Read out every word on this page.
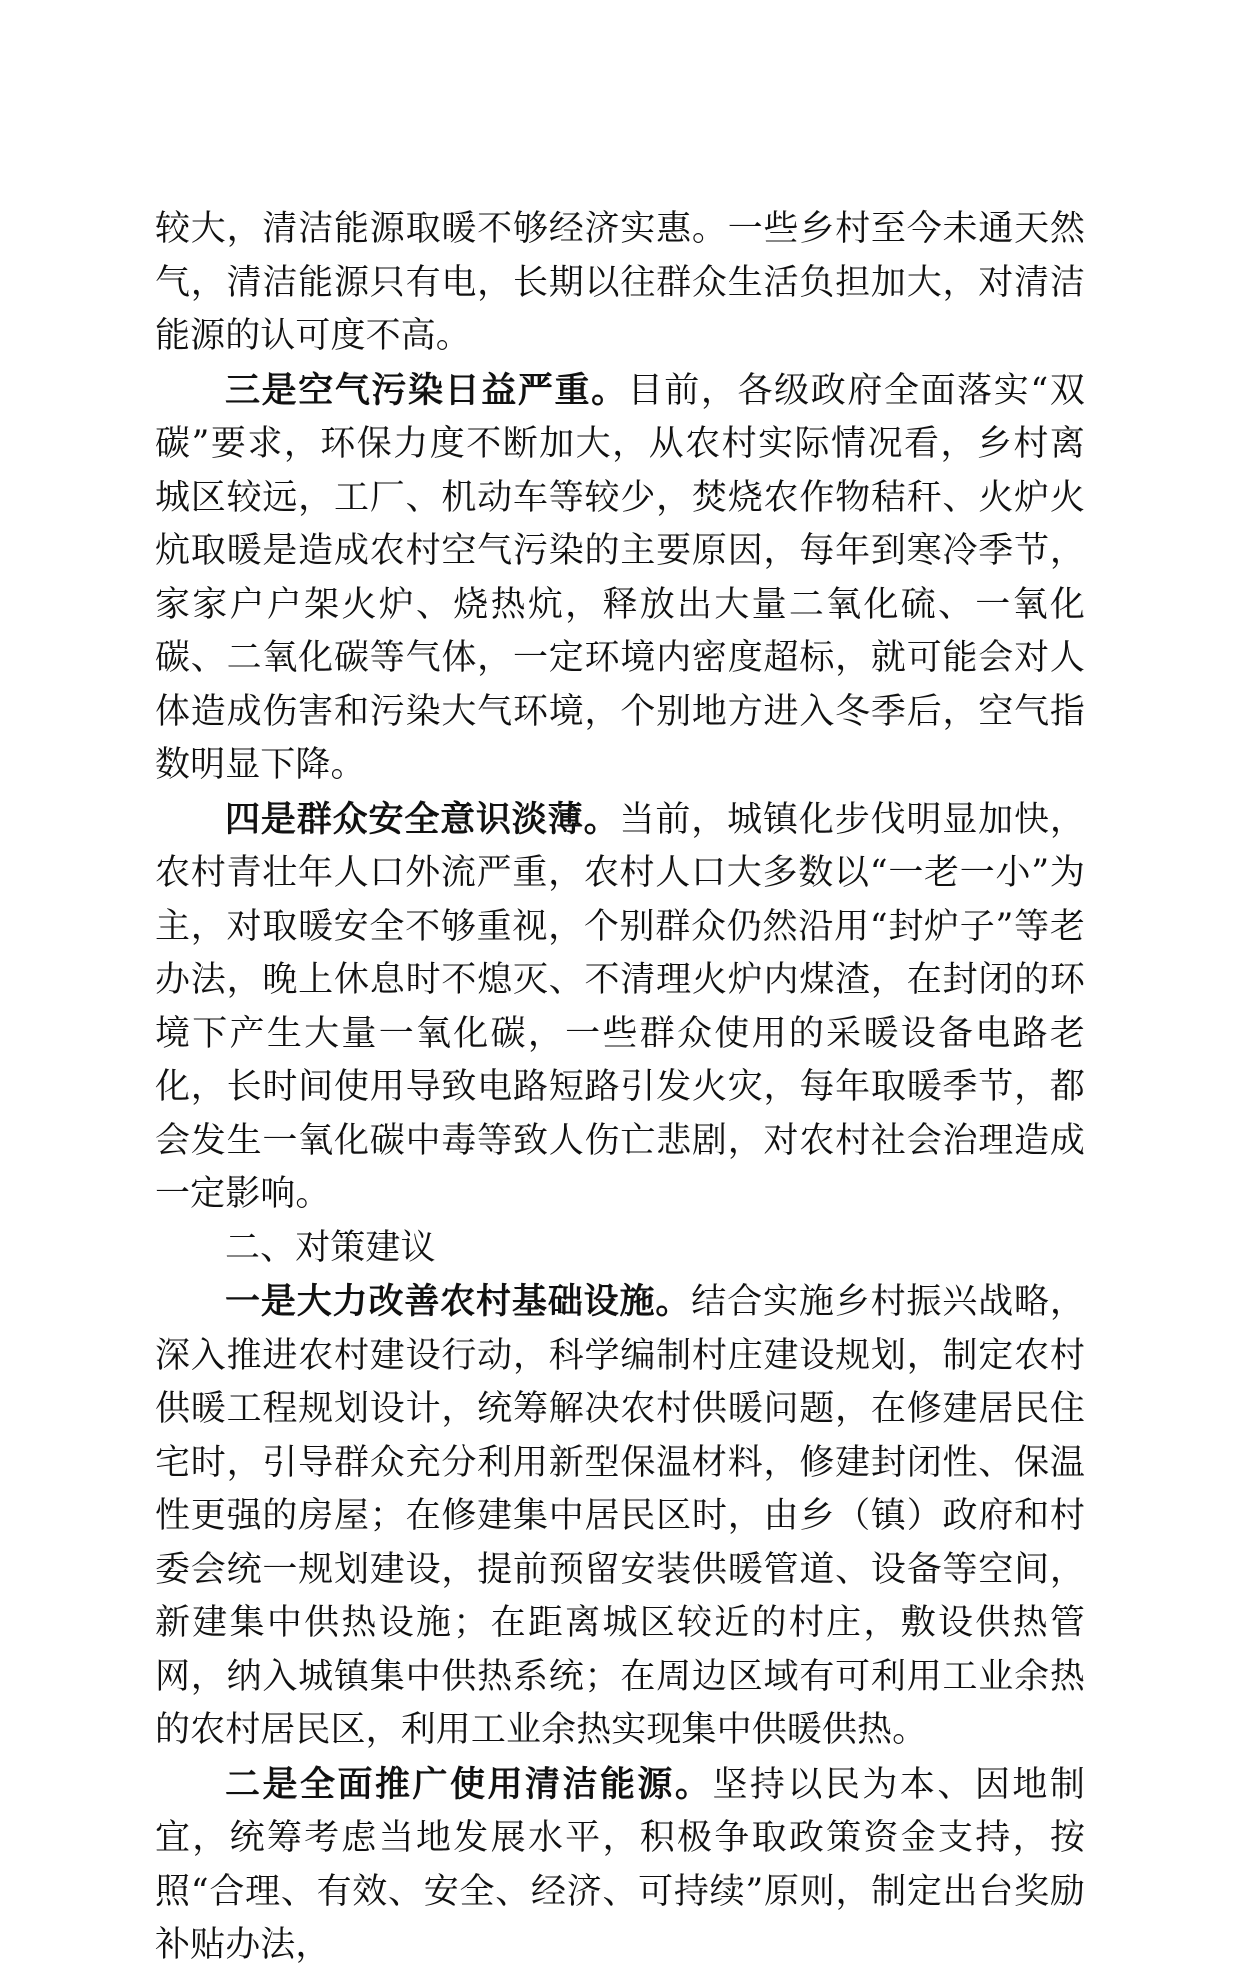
较大，清洁能源取暖不够经济实惠。一些乡村至今未通天然气，清洁能源只有电，长期以往群众生活负担加大，对清洁能源的认可度不高。

三是空气污染日益严重。目前，各级政府全面落实“双碳”要求，环保力度不断加大，从农村实际情况看，乡村离城区较远，工厂、机动车等较少，焚烧农作物秸秆、火炉火炕取暖是造成农村空气污染的主要原因，每年到寒冷季节，家家户户架火炉、烧热炕，释放出大量二氧化硫、一氧化碳、二氧化碳等气体，一定环境内密度超标，就可能会对人体造成伤害和污染大气环境，个别地方进入冬季后，空气指数明显下降。

四是群众安全意识淡薄。当前，城镇化步伐明显加快，农村青壮年人口外流严重，农村人口大多数以“一老一小”为主，对取暖安全不够重视，个别群众仍然沿用“封炉子”等老办法，晚上休息时不熄灭、不清理火炉内煤渣，在封闭的环境下产生大量一氧化碳，一些群众使用的采暖设备电路老化，长时间使用导致电路短路引发火灾，每年取暖季节，都会发生一氧化碳中毒等致人伤亡悲剧，对农村社会治理造成一定影响。

二、对策建议

一是大力改善农村基础设施。结合实施乡村振兴战略，深入推进农村建设行动，科学编制村庄建设规划，制定农村供暖工程规划设计，统筹解决农村供暖问题，在修建居民住宅时，引导群众充分利用新型保温材料，修建封闭性、保温性更强的房屋；在修建集中居民区时，由乡（镇）政府和村委会统一规划建设，提前预留安装供暖管道、设备等空间，新建集中供热设施；在距离城区较近的村庄，敷设供热管网，纳入城镇集中供热系统；在周边区域有可利用工业余热的农村居民区，利用工业余热实现集中供暖供热。

二是全面推广使用清洁能源。坚持以民为本、因地制宜，统筹考虑当地发展水平，积极争取政策资金支持，按照“合理、有效、安全、经济、可持续”原则，制定出台奖励补贴办法，
